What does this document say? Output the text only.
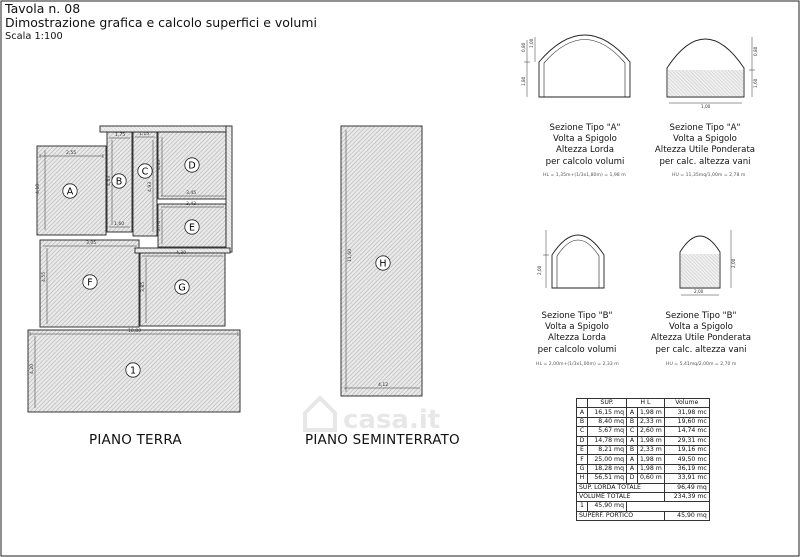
casa.it
2,55
4,10
1,75
4,63
1,60
1,15
4,93
3,45
4,63
3,43
2,70
3,05
4,55
4,30
3,85
10,80
4,20
A
B
C
D
E
F	G
1
11,60
4,12
H
0,80
1,80
1,00
1,00
0,80
1,60
2,00
2,00
2,00
Tavola n. 08
Dimostrazione grafica e calcolo superfici e volumi
Scala 1:100
PIANO TERRA	PIANO SEMINTERRATO
Sezione Tipo "A"
Volta a Spigolo
Altezza Lorda
per calcolo volumi
HL = 1,35m+(1/3x1,80m) = 1,98 m
Sezione Tipo "A"
Volta a Spigolo
Altezza Utile Ponderata
per calc. altezza vani
HU = 11,35mq/1,00m = 2,78 m
Sezione Tipo "B"
Volta a Spigolo
Altezza Lorda
per calcolo volumi
HL = 2,00m+(1/3x1,00m) = 2,33 m
Sezione Tipo "B"
Volta a Spigolo
Altezza Utile Ponderata
per calc. altezza vani
HU = 5,41mq/2,00m = 2,70 m
	SUP.	H L		Volume
A	16,15 mq	A	1,98 m	31,98 mc
B	8,40 mq	B	2,33 m	19,60 mc
C	5,67 mq	C	2,60 m	14,74 mc
D	14,78 mq	A	1,98 m	29,31 mc
E	8,21 mq	B	2,33 m	19,16 mc
F	25,00 mq	A	1,98 m	49,50 mc
G	18,28 mq	A	1,98 m	36,19 mc
H	56,51 mq	D	0,60 m	33,91 mc
SUP. LORDA TOTALE				96,49 mq
VOLUME TOTALE				234,39 mc
1	45,90 mq			
SUPERF. PORTICO				45,90 mq
